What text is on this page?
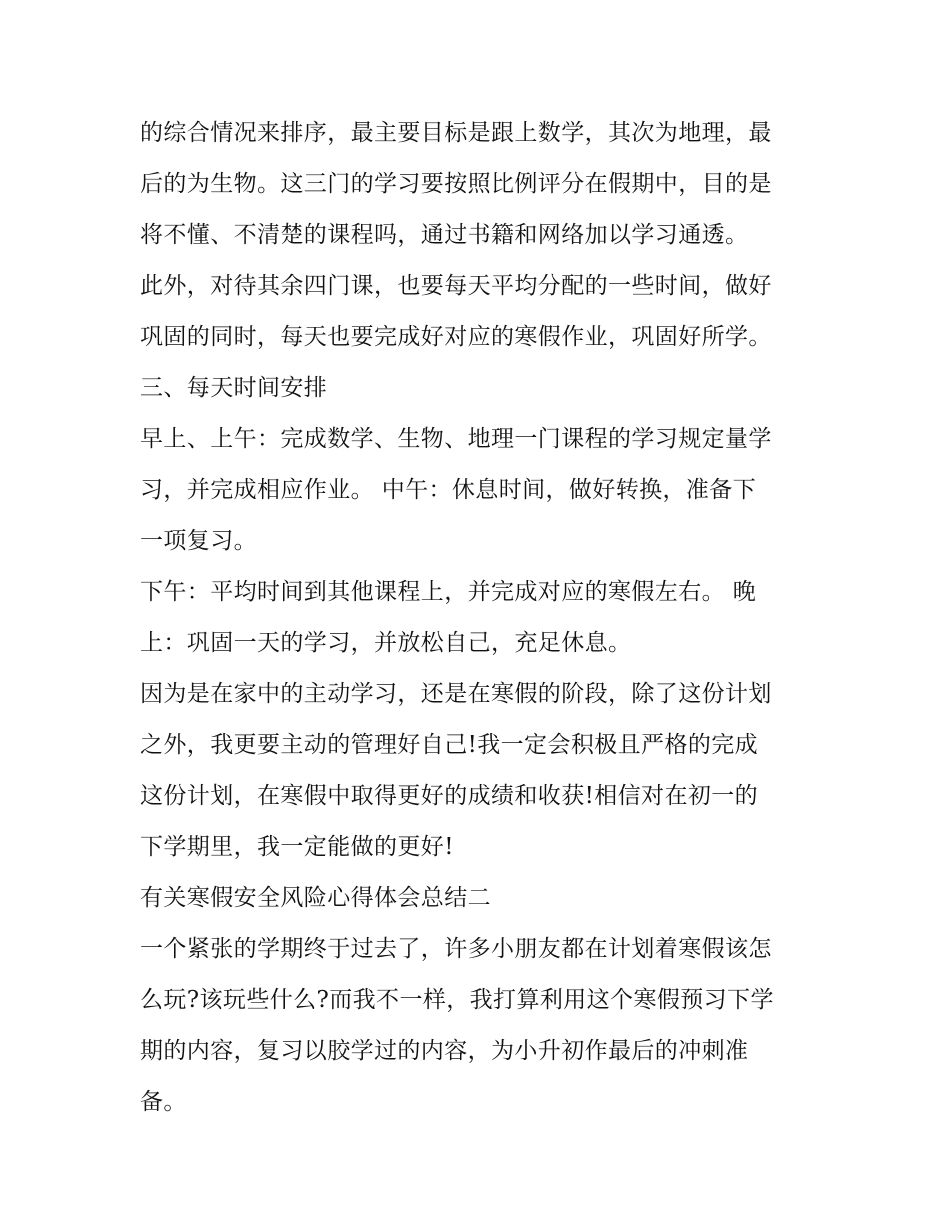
的综合情况来排序，最主要目标是跟上数学，其次为地理，最
后的为生物。这三门的学习要按照比例评分在假期中，目的是
将不懂、不清楚的课程吗，通过书籍和网络加以学习通透。
此外，对待其余四门课，也要每天平均分配的一些时间，做好
巩固的同时，每天也要完成好对应的寒假作业，巩固好所学。
三、每天时间安排
早上、上午：完成数学、生物、地理一门课程的学习规定量学
习，并完成相应作业。 中午：休息时间，做好转换，准备下
一项复习。
下午：平均时间到其他课程上，并完成对应的寒假左右。 晚
上：巩固一天的学习，并放松自己，充足休息。
因为是在家中的主动学习，还是在寒假的阶段，除了这份计划
之外，我更要主动的管理好自己!我一定会积极且严格的完成
这份计划，在寒假中取得更好的成绩和收获!相信对在初一的
下学期里，我一定能做的更好!
有关寒假安全风险心得体会总结二
一个紧张的学期终于过去了，许多小朋友都在计划着寒假该怎
么玩?该玩些什么?而我不一样，我打算利用这个寒假预习下学
期的内容，复习以胶学过的内容，为小升初作最后的冲刺准
备。
